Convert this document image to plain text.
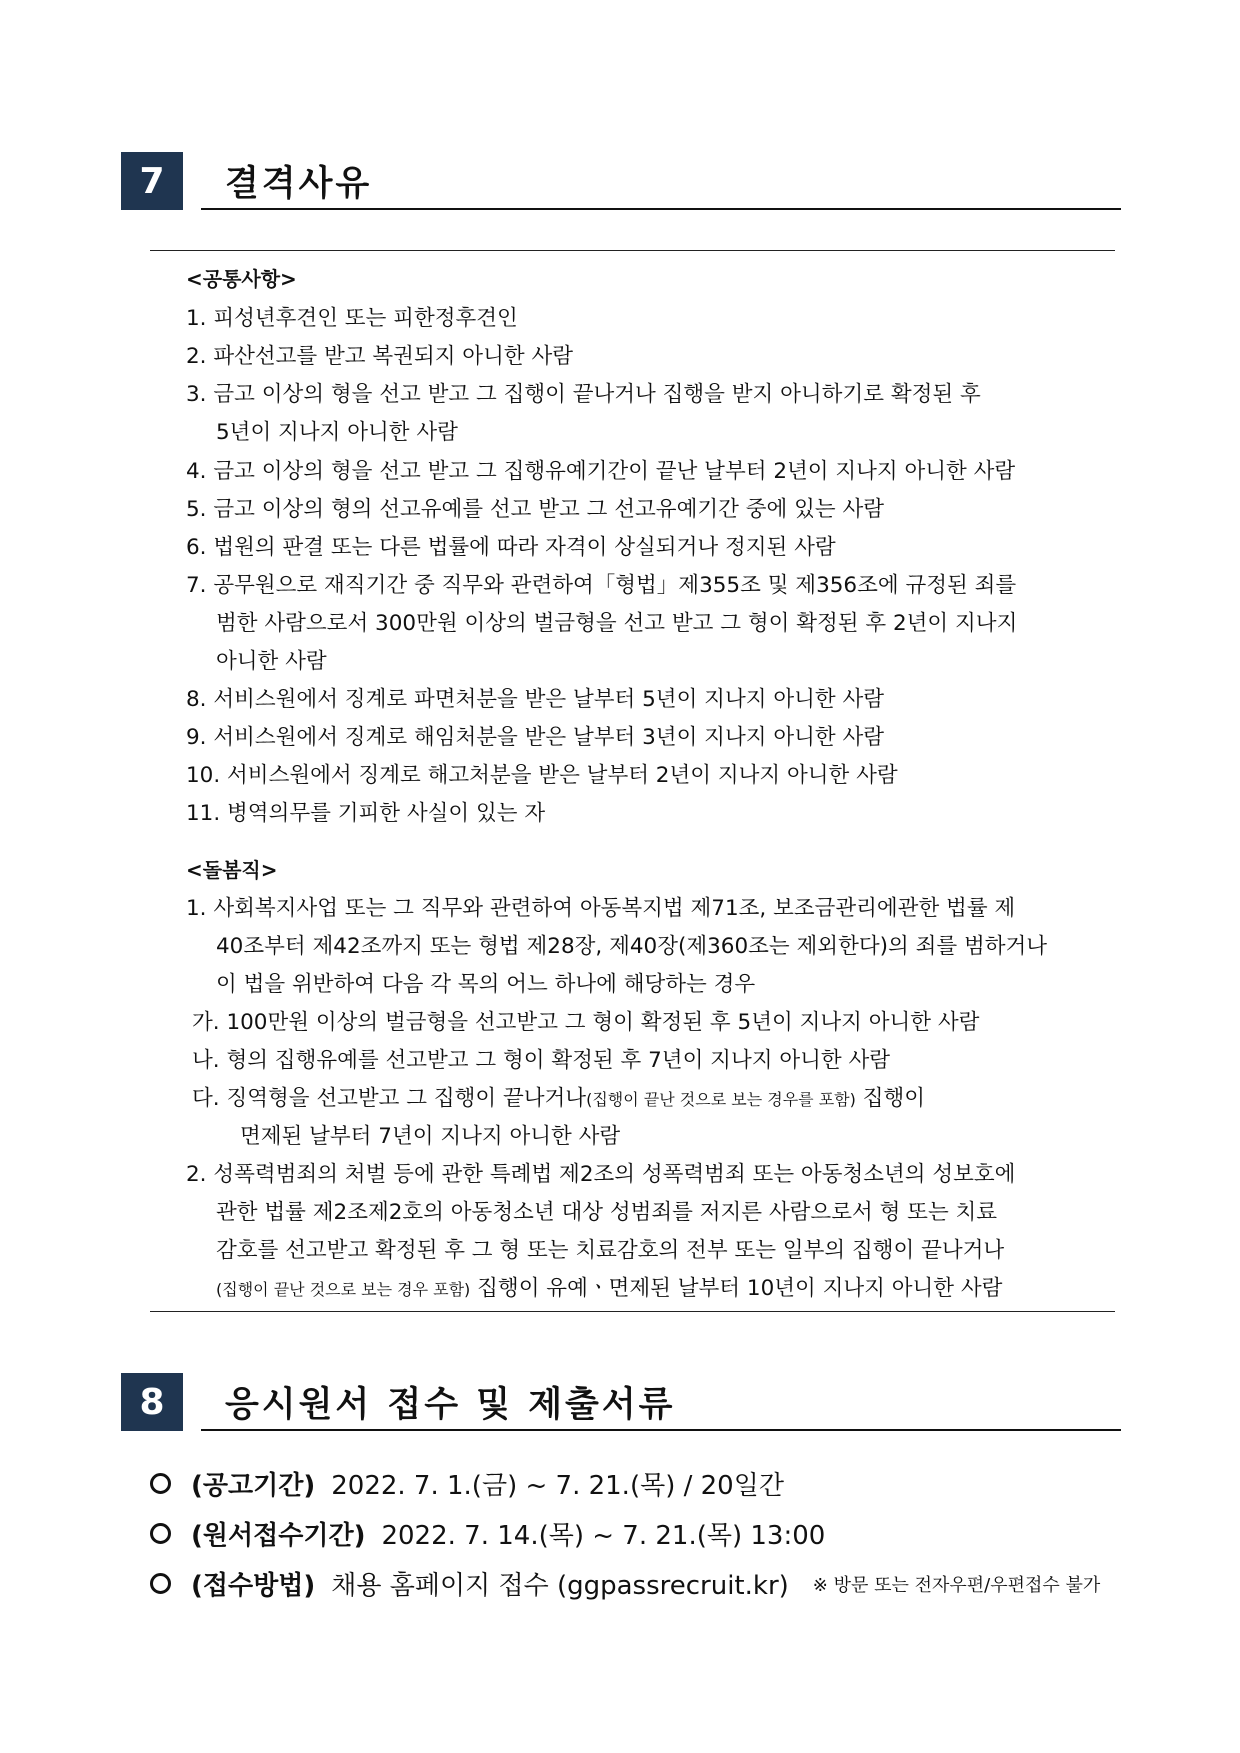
7	결격사유
<공통사항>
1. 피성년후견인 또는 피한정후견인
2. 파산선고를 받고 복권되지 아니한 사람
3. 금고 이상의 형을 선고 받고 그 집행이 끝나거나 집행을 받지 아니하기로 확정된 후
5년이 지나지 아니한 사람
4. 금고 이상의 형을 선고 받고 그 집행유예기간이 끝난 날부터 2년이 지나지 아니한 사람
5. 금고 이상의 형의 선고유예를 선고 받고 그 선고유예기간 중에 있는 사람
6. 법원의 판결 또는 다른 법률에 따라 자격이 상실되거나 정지된 사람
7. 공무원으로 재직기간 중 직무와 관련하여「형법」제355조 및 제356조에 규정된 죄를
범한 사람으로서 300만원 이상의 벌금형을 선고 받고 그 형이 확정된 후 2년이 지나지
아니한 사람
8. 서비스원에서 징계로 파면처분을 받은 날부터 5년이 지나지 아니한 사람
9. 서비스원에서 징계로 해임처분을 받은 날부터 3년이 지나지 아니한 사람
10. 서비스원에서 징계로 해고처분을 받은 날부터 2년이 지나지 아니한 사람
11. 병역의무를 기피한 사실이 있는 자
<돌봄직>
1. 사회복지사업 또는 그 직무와 관련하여 아동복지법 제71조, 보조금관리에관한 법률 제
40조부터 제42조까지 또는 형법 제28장, 제40장(제360조는 제외한다)의 죄를 범하거나
이 법을 위반하여 다음 각 목의 어느 하나에 해당하는 경우
가. 100만원 이상의 벌금형을 선고받고 그 형이 확정된 후 5년이 지나지 아니한 사람
나. 형의 집행유예를 선고받고 그 형이 확정된 후 7년이 지나지 아니한 사람
다. 징역형을 선고받고 그 집행이 끝나거나(집행이 끝난 것으로 보는 경우를 포함) 집행이
면제된 날부터 7년이 지나지 아니한 사람
2. 성폭력범죄의 처벌 등에 관한 특례법 제2조의 성폭력범죄 또는 아동청소년의 성보호에
관한 법률 제2조제2호의 아동청소년 대상 성범죄를 저지른 사람으로서 형 또는 치료
감호를 선고받고 확정된 후 그 형 또는 치료감호의 전부 또는 일부의 집행이 끝나거나
(집행이 끝난 것으로 보는 경우 포함) 집행이 유예ㆍ면제된 날부터 10년이 지나지 아니한 사람
8	응시원서 접수 및 제출서류
(공고기간) 2022. 7. 1.(금) ~ 7. 21.(목) / 20일간
(원서접수기간) 2022. 7. 14.(목) ~ 7. 21.(목) 13:00
(접수방법) 채용 홈페이지 접수 (ggpassrecruit.kr) ※ 방문 또는 전자우편/우편접수 불가
